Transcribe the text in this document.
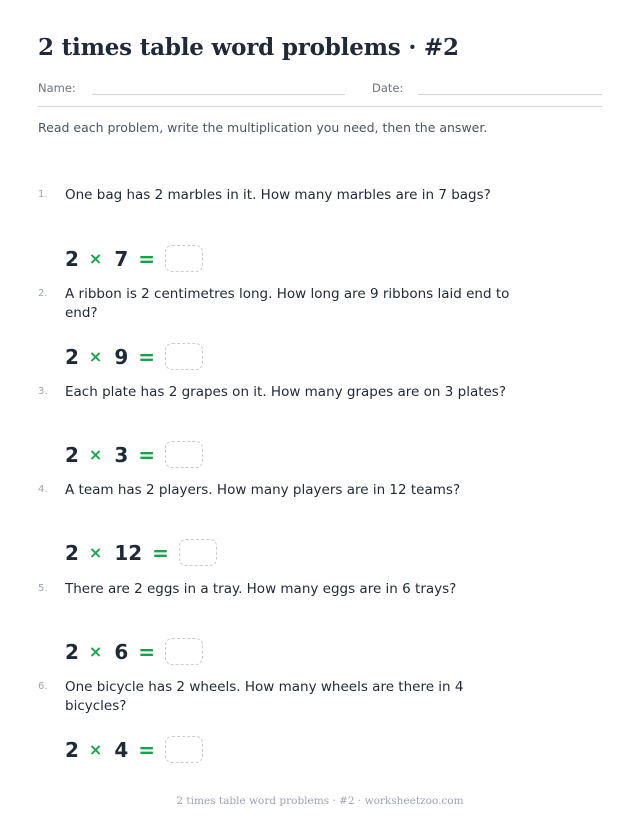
2 times table word problems · #2
Name:	Date:
Read each problem, write the multiplication you need, then the answer.
1. One bag has 2 marbles in it. How many marbles are in 7 bags?
2 × 7 =
2. A ribbon is 2 centimetres long. How long are 9 ribbons laid end to end?
2 × 9 =
3. Each plate has 2 grapes on it. How many grapes are on 3 plates?
2 × 3 =
4. A team has 2 players. How many players are in 12 teams?
2 × 12 =
5. There are 2 eggs in a tray. How many eggs are in 6 trays?
2 × 6 =
6. One bicycle has 2 wheels. How many wheels are there in 4 bicycles?
2 × 4 =
2 times table word problems · #2 · worksheetzoo.com
